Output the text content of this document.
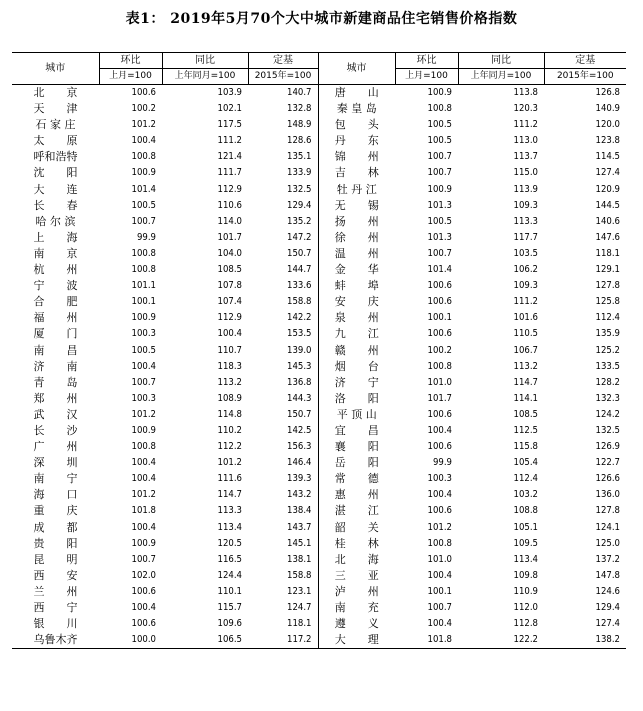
表1： 2019年5月70个大中城市新建商品住宅销售价格指数
城市	环比	同比	定基	城市	环比	同比	定基
	上月=100	上年同月=100	2015年=100		上月=100	上年同月=100	2015年=100
北　　京	100.6	103.9	140.7	唐　　山	100.9	113.8	126.8
天　　津	100.2	102.1	132.8	秦 皇 岛	100.8	120.3	140.9
石 家 庄	101.2	117.5	148.9	包　　头	100.5	111.2	120.0
太　　原	100.4	111.2	128.6	丹　　东	100.5	113.0	123.8
呼和浩特	100.8	121.4	135.1	锦　　州	100.7	113.7	114.5
沈　　阳	100.9	111.7	133.9	吉　　林	100.7	115.0	127.4
大　　连	101.4	112.9	132.5	牡 丹 江	100.9	113.9	120.9
长　　春	100.5	110.6	129.4	无　　锡	101.3	109.3	144.5
哈 尔 滨	100.7	114.0	135.2	扬　　州	100.5	113.3	140.6
上　　海	99.9	101.7	147.2	徐　　州	101.3	117.7	147.6
南　　京	100.8	104.0	150.7	温　　州	100.7	103.5	118.1
杭　　州	100.8	108.5	144.7	金　　华	101.4	106.2	129.1
宁　　波	101.1	107.8	133.6	蚌　　埠	100.6	109.3	127.8
合　　肥	100.1	107.4	158.8	安　　庆	100.6	111.2	125.8
福　　州	100.9	112.9	142.2	泉　　州	100.1	101.6	112.4
厦　　门	100.3	100.4	153.5	九　　江	100.6	110.5	135.9
南　　昌	100.5	110.7	139.0	赣　　州	100.2	106.7	125.2
济　　南	100.4	118.3	145.3	烟　　台	100.8	113.2	133.5
青　　岛	100.7	113.2	136.8	济　　宁	101.0	114.7	128.2
郑　　州	100.3	108.9	144.3	洛　　阳	101.7	114.1	132.3
武　　汉	101.2	114.8	150.7	平 顶 山	100.6	108.5	124.2
长　　沙	100.9	110.2	142.5	宜　　昌	100.4	112.5	132.5
广　　州	100.8	112.2	156.3	襄　　阳	100.6	115.8	126.9
深　　圳	100.4	101.2	146.4	岳　　阳	99.9	105.4	122.7
南　　宁	100.4	111.6	139.3	常　　德	100.3	112.4	126.6
海　　口	101.2	114.7	143.2	惠　　州	100.4	103.2	136.0
重　　庆	101.8	113.3	138.4	湛　　江	100.6	108.8	127.8
成　　都	100.4	113.4	143.7	韶　　关	101.2	105.1	124.1
贵　　阳	100.9	120.5	145.1	桂　　林	100.8	109.5	125.0
昆　　明	100.7	116.5	138.1	北　　海	101.0	113.4	137.2
西　　安	102.0	124.4	158.8	三　　亚	100.4	109.8	147.8
兰　　州	100.6	110.1	123.1	泸　　州	100.1	110.9	124.6
西　　宁	100.4	115.7	124.7	南　　充	100.7	112.0	129.4
银　　川	100.6	109.6	118.1	遵　　义	100.4	112.8	127.4
乌鲁木齐	100.0	106.5	117.2	大　　理	101.8	122.2	138.2
